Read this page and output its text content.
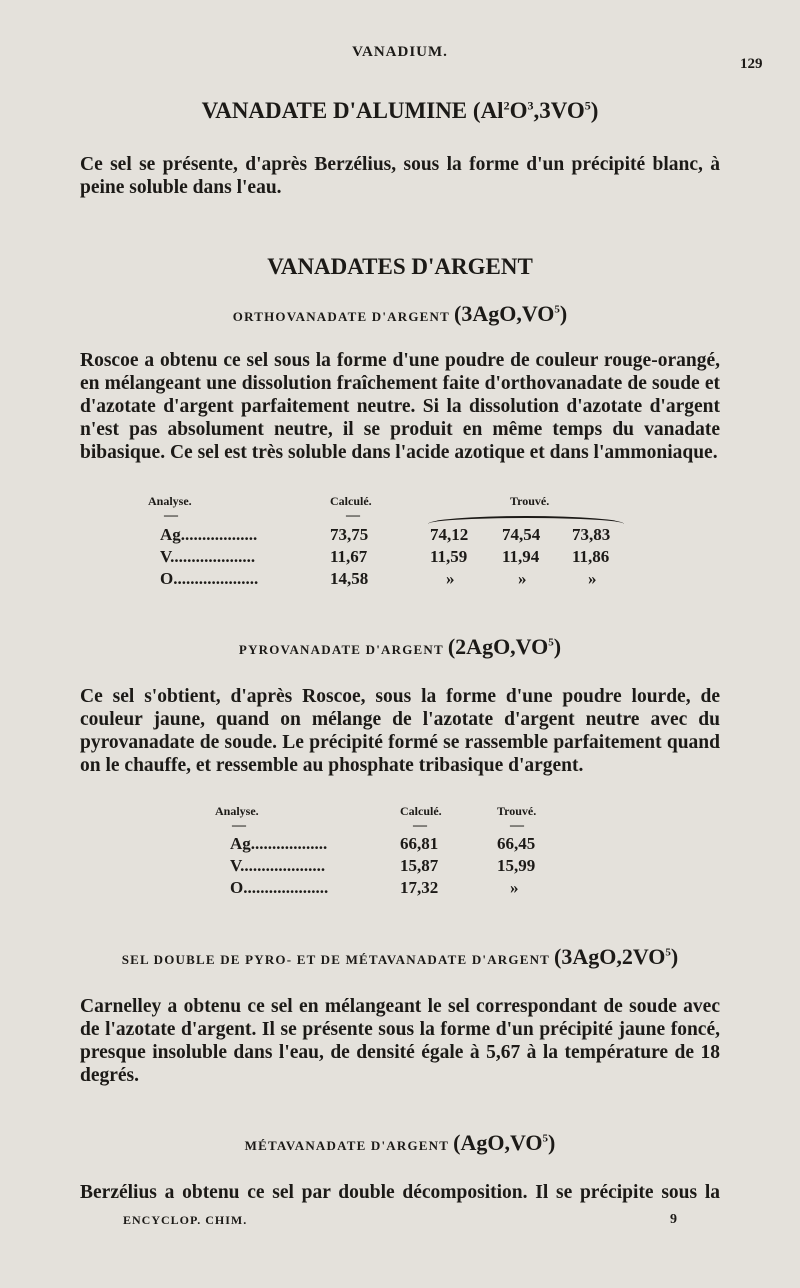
VANADIUM.
129
VANADATE D'ALUMINE $(Al^2O^3,3VO^5)$
Ce sel se présente, d'après Berzélius, sous la forme d'un précipité blanc, à peine soluble dans l'eau.
VANADATES D'ARGENT
ORTHOVANADATE D'ARGENT $(3AgO,VO^5)$
Roscoe a obtenu ce sel sous la forme d'une poudre de couleur rouge-orangé, en mélangeant une dissolution fraîchement faite d'orthovanadate de soude et d'azotate d'argent parfaitement neutre. Si la dissolution d'azotate d'argent n'est pas absolument neutre, il se produit en même temps du vanadate bibasique. Ce sel est très soluble dans l'acide azotique et dans l'ammoniaque.
Analyse.	Calculé.	Trouvé.
—	—
Ag..................	73,75	74,12 74,54 73,83
V....................	11,67	11,59 11,94 11,86
O....................	14,58	»	»	»
PYROVANADATE D'ARGENT $(2AgO,VO^5)$
Ce sel s'obtient, d'après Roscoe, sous la forme d'une poudre lourde, de couleur jaune, quand on mélange de l'azotate d'argent neutre avec du pyrovanadate de soude. Le précipité formé se rassemble parfaitement quand on le chauffe, et ressemble au phosphate tribasique d'argent.
Analyse.	Calculé.	Trouvé.
—	—	—
Ag..................	66,81	66,45
V....................	15,87	15,99
O....................	17,32	»
SEL DOUBLE DE PYRO- ET DE MÉTAVANADATE D'ARGENT $(3AgO,2VO^5)$
Carnelley a obtenu ce sel en mélangeant le sel correspondant de soude avec de l'azotate d'argent. Il se présente sous la forme d'un précipité jaune foncé, presque insoluble dans l'eau, de densité égale à 5,67 à la température de 18 degrés.
MÉTAVANADATE D'ARGENT $(AgO,VO^5)$
Berzélius a obtenu ce sel par double décomposition. Il se précipite sous la
ENCYCLOP. CHIM.	9
